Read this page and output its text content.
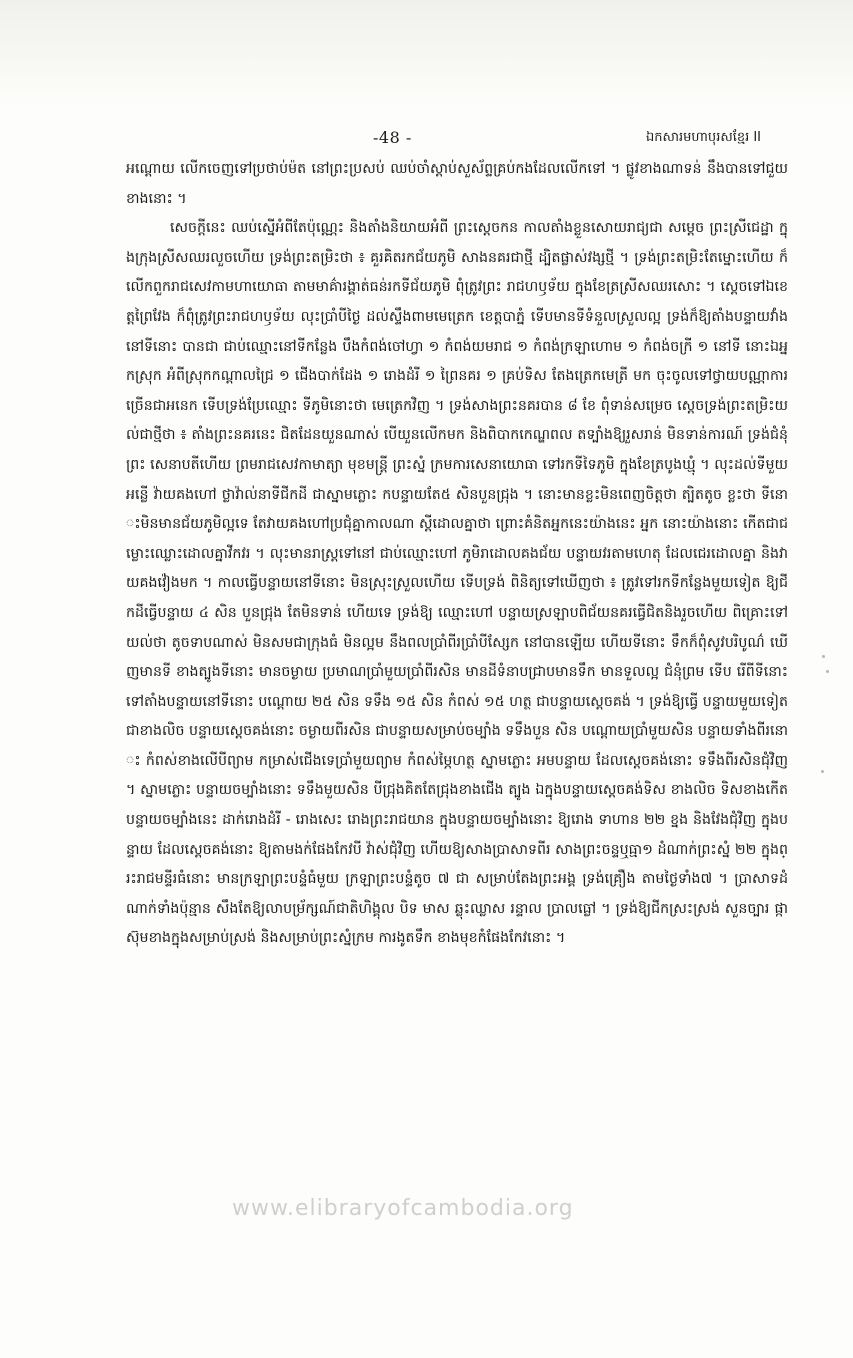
-48 -	ឯកសារមហាបុរសខ្មែរ II

អណ្ដោយ លើកចេញទៅប្រថាប់ម៉ត នៅព្រះប្រសប់ ឈប់ចាំស្ដាប់សួស័ព្ទគ្រប់កងដែលលើកទៅ ។ ផ្លូវខាងណាទន់ នឹងបានទៅជួយខាងនោះ ។

សេចក្ដីនេះ ឈប់ស្នើអំពីតែប៉ុណ្ណេះ និងតាំងនិយាយអំពី ព្រះស្ដេចកន កាលតាំងខ្លួនសោយរាជ្យជា សម្ដេច ព្រះស្រីជេដ្ឋា ក្នុងក្រុងស្រីសឈរលួចហើយ ទ្រង់ព្រះតម្រិះថា ៖ គួរគិតរកជ័យភូមិ សាងនគរជាថ្មី ដ្បិតផ្លាស់វង្សថ្មី ។ ទ្រង់ព្រះតម្រិះតែម្នោះហើយ ក៏លើកពួករាជសេវកាមហាយោធា តាមមាគ៌ារង្គាត់ធន់រកទីជ័យភូមិ ពុំត្រូវព្រះ រាជហឫទ័យ ក្នុងខែត្រស្រីសឈរសោះ ។ ស្ដេចទៅឯខេត្តព្រៃវែង ក៏ពុំត្រូវព្រះរាជហឫទ័យ លុះប្រាំបីថ្ងៃ ដល់ស្ទឹងពាមមេត្រេក ខេត្តបាភ្នំ ទើបមានទីទំនួលស្រួលល្អ ទ្រង់ក៏ឱ្យតាំងបន្ទាយវាំងនៅទីនោះ បានជា ជាប់ឈ្មោះនៅទីកន្លែង បឹងកំពង់ចៅហ្វា ១ កំពង់យមរាជ ១ កំពង់ក្រឡាហោម ១ កំពង់ចក្រី ១ នៅទី នោះឯអ្នកស្រុក អំពីស្រុកកណ្ដាលជ្រៃ ១ ជើងបាក់ដែង ១ រោងដំរី ១ ព្រៃនគរ ១ គ្រប់ទិស តែងត្រេកមេត្រី មក ចុះចូលទៅថ្វាយបណ្ណាការ ច្រើនជាអនេក ទើបទ្រង់ប្រែឈ្មោះ ទីភូមិនោះថា មេត្រេកវិញ ។ ទ្រង់សាងព្រះនគរបាន ៨ ខែ ពុំទាន់សម្រេច ស្ដេចទ្រង់ព្រះតម្រិះយល់ជាថ្មីថា ៖ តាំងព្រះនគរនេះ ជិតដែនយួនណាស់ បើយួនលើកមក និងពិបាកកេណ្ឌពល តទ្បាំងឱ្យរួសរាន់ មិនទាន់ការណ៍ ទ្រង់ជំនុំព្រះ សេនាបតីហើយ ព្រមរាជសេវកាមាត្យា មុខមន្ត្រី ព្រះស្នំ ក្រមការសេនាយោធា ទៅរកទីទៃភូមិ ក្នុងខែត្របូងឃ្មុំ ។ លុះដល់ទីមួយអន្លើ វ៉ាយគងហៅ ថ្លាវ៉ាល់នាទីជីកដី ជាស្នាមភ្លោះ កបន្ទាយតែ៥ សិនបួនជ្រុង ។ នោះមានខ្លះមិនពេញចិត្តថា ត្បិតតូច ខ្លះថា ទីនោះមិនមានជ័យភូមិល្អទេ តែវាយគងហៅប្រជុំគ្នាកាលណា ស្ដីដោលគ្នាថា ព្រោះគំនិតអ្នកនេះយ៉ាងនេះ អ្នក នោះយ៉ាងនោះ កើតជាជម្លោះឈ្លោះដោលគ្នាវីកវរ ។ លុះមានរាស្ត្រទៅនៅ ជាប់ឈ្មោះហៅ ភូមិរាដោលគងជ័យ បន្ទាយវរតាមហេតុ ដែលជេរដោលគ្នា និងវាយគងវ៉ៀងមក ។ កាលធ្វើបន្ទាយនៅទីនោះ មិនស្រុះស្រួលហើយ ទើបទ្រង់ ពិនិត្យទៅឃើញថា ៖ ត្រូវទៅរកទីកន្លែងមួយទៀត ឱ្យជីកដីធ្វើបន្ទាយ ៤ សិន បួនជ្រុង តែមិនទាន់ ហើយទេ ទ្រង់ឱ្យ ឈ្មោះហៅ បន្ទាយស្រឡាបពិជ័យនគរធ្វើជិតនិងរួចហើយ ពិគ្រោះទៅយល់ថា តូចទាបណាស់ មិនសមជាក្រុងធំ មិនល្អម នឹងពលប្រាំពីរប្រាំបីស្សែក នៅបានឡើយ ហើយទីនោះ ទឹកក៏ពុំសូវបរិបូណ៌ ឃើញមានទី ខាងត្បូងទីនោះ មានចម្ងាយ ប្រមាណប្រាំមួយប្រាំពីរសិន មានដីទំនាបជ្រាបមានទឹក មានទួលល្អ ជំនុំព្រម ទើប រើពីទីនោះ ទៅតាំងបន្ទាយនៅទីនោះ បណ្ដោយ ២៥ សិន ទទឹង ១៥ សិន កំពស់ ១៥ ហត្ថ ជាបន្ទាយស្ដេចគង់ ។ ទ្រង់ឱ្យធ្វើ បន្ទាយមួយទៀត ជាខាងលិច បន្ទាយស្ដេចគង់នោះ ចម្ងាយពីរសិន ជាបន្ទាយសម្រាប់ចម្បាំង ទទឹងបួន សិន បណ្ដោយប្រាំមួយសិន បន្ទាយទាំងពីរនោះ កំពស់ខាងលើបីព្យាម កម្រាស់ជើងទេប្រាំមួយព្យាម កំពស់ម្ភៃហត្ថ ស្នាមភ្លោះ អមបន្ទាយ ដែលស្ដេចគង់នោះ ទទឹងពីរសិនជុំវិញ ។ ស្នាមភ្លោះ បន្ទាយចម្បាំងនោះ ទទឹងមួយសិន បីជ្រុងគិតតែជ្រុងខាងជើង ត្បូង ឯក្នុងបន្ទាយស្ដេចគង់ទិស ខាងលិច ទិសខាងកើតបន្ទាយចម្បាំងនេះ ដាក់រោងដំរី - រោងសេះ រោងព្រះរាជយាន ក្នុងបន្ទាយចម្បាំងនោះ ឱ្យរោង ទាហាន ២២ ខ្នង និងវែងជុំវិញ ក្នុងបន្ទាយ ដែលស្ដេចគង់នោះ ឱ្យតាមងក់ផែងកែវបី វ៉ាស់ជុំវិញ ហើយឱ្យសាងប្រាសាទពីរ សាងព្រះចន្ទឬធ្មា១ ដំណាក់ព្រះស្នំ ២២ ក្នុងព្រះរាជមន្ទីរធំនោះ មានក្រឡាព្រះបន្ទំធំមួយ ក្រឡាព្រះបន្ទំតូច ៧ ជា សម្រាប់តែងព្រះអង្គ ទ្រង់គ្រឿង តាមថ្ងៃទាំង៧ ។ ប្រាសាទដំណាក់ទាំងប៉ុន្មាន សឹងតែឱ្យលាបម្រ័ក្សណ៍ជាតិហិង្គុល បិទ មាស ឆ្លុះឈ្លាស រន្ទាល ប្រាលធ្លៅ ។ ទ្រង់ឱ្យជីកស្រះស្រង់ សួនច្បារ ផ្កាស៊ុមខាងក្នុងសម្រាប់ស្រង់ និងសម្រាប់ព្រះស្នំក្រម ការងូតទឹក ខាងមុខកំផែងកែវនោះ ។

www.elibraryofcambodia.org
